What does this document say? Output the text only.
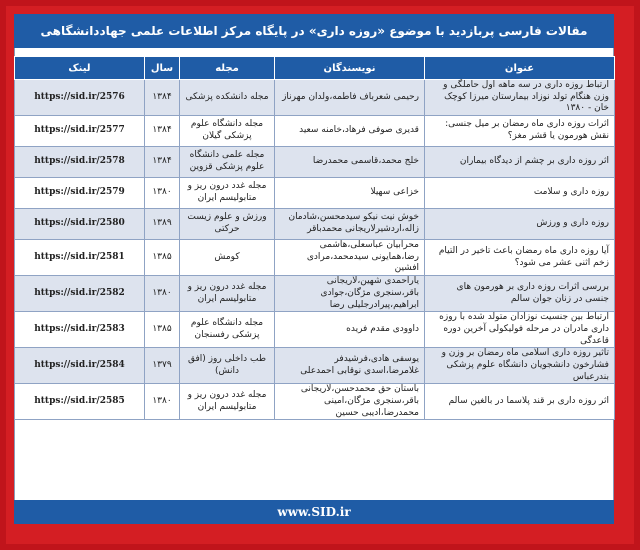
مقالات فارسی پربازدید با موضوع «روزه داری» در پایگاه مرکز اطلاعات علمی جهاددانشگاهی
عنوان	نویسندگان	مجله	سال	لینک
ارتباط روزه داری در سه ماهه اول حاملگی و وزن هنگام تولد نوزاد بیمارستان میرزا کوچک خان - ۱۳۸۰	رحیمی شعرباف فاطمه،ولدان مهرناز	مجله دانشکده پزشکی	۱۳۸۴	https://sid.ir/2576
اثرات روزه داری ماه رمضان بر میل جنسی: نقش هورمون یا قشر مغز؟	قدیری صوفی فرهاد،خامنه سعید	مجله دانشگاه علوم پزشکی گیلان	۱۳۸۴	https://sid.ir/2577
اثر روزه داری بر چشم از دیدگاه بیماران	خلج محمد،قاسمی محمدرضا	مجله علمی دانشگاه علوم پزشکی قزوین	۱۳۸۴	https://sid.ir/2578
روزه داری و سلامت	خزاعی سهیلا	مجله غدد درون ریز و متابولیسم ایران	۱۳۸۰	https://sid.ir/2579
روزه داری و ورزش	خوش نیت نیکو سیدمحسن،شادمان زاله،اردشیرلاریجانی محمدباقر	ورزش و علوم زیست حرکتی	۱۳۸۹	https://sid.ir/2580
آیا روزه داری ماه رمضان باعث تاخیر در التیام زخم اثنی عشر می شود؟	محرابیان عباسعلی،هاشمی رضا،همایونی سیدمحمد،مرادی افشین	کومش	۱۳۸۵	https://sid.ir/2581
بررسی اثرات روزه داری بر هورمون های جنسی در زنان جوان سالم	یاراحمدی شهین،لاریجانی باقر،سنجری مژگان،جوادی ابراهیم،پیرادرجلیلی رضا	مجله غدد درون ریز و متابولیسم ایران	۱۳۸۰	https://sid.ir/2582
ارتباط بین جنسیت نوزادان متولد شده با روزه داری مادران در مرحله فولیکولی آخرین دوره قاعدگی	داوودی مقدم فریده	مجله دانشگاه علوم پزشکی رفسنجان	۱۳۸۵	https://sid.ir/2583
تاثیر روزه داری اسلامی ماه رمضان بر وزن و فشارخون دانشجویان دانشگاه علوم پزشکی بندرعباس	یوسفی هادی،فرشیدفر غلامرضا،اسدی نوقابی احمدعلی	طب داخلی روز (افق دانش)	۱۳۷۹	https://sid.ir/2584
اثر روزه داری بر قند پلاسما در بالغین سالم	باستان حق محمدحسن،لاریجانی باقر،سنجری مژگان،امینی محمدرضا،ادیبی حسین	مجله غدد درون ریز و متابولیسم ایران	۱۳۸۰	https://sid.ir/2585
www.SID.ir
